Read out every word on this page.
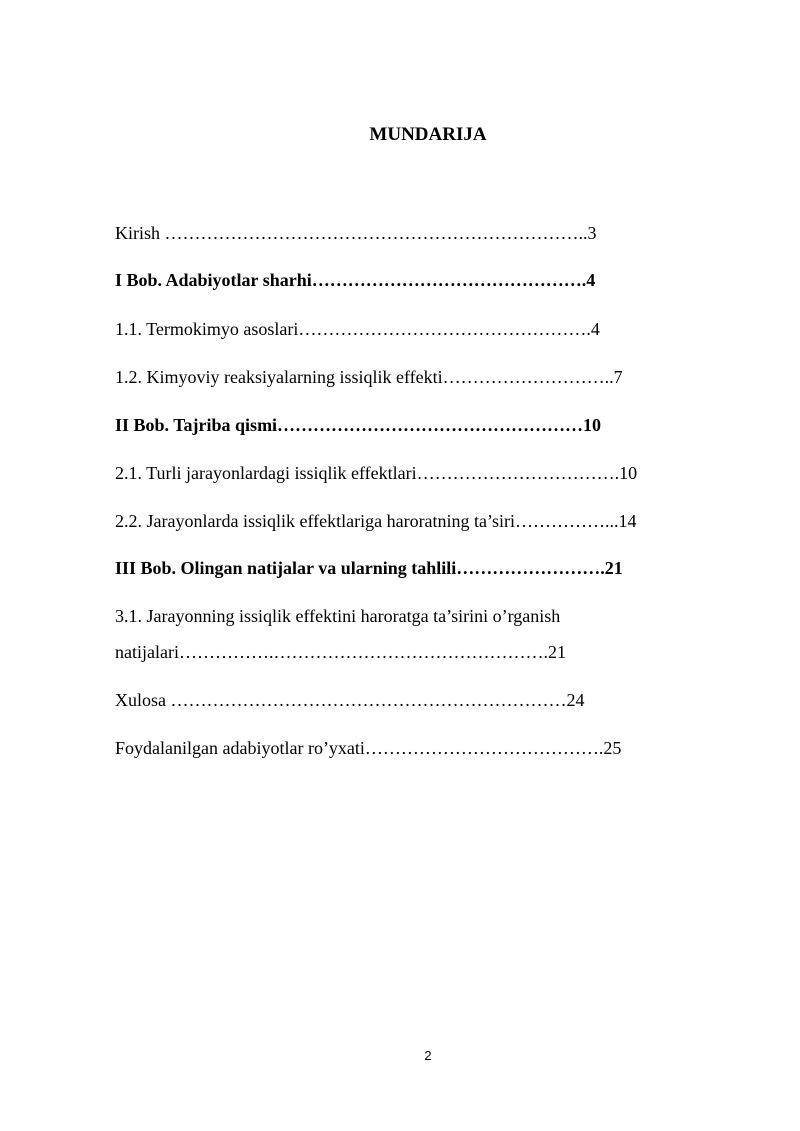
MUNDARIJA
Kirish ……………………………………………………………..3
I Bob. Adabiyotlar sharhi……………………………………….4
1.1. Termokimyo asoslari………………………………………….4
1.2. Kimyoviy reaksiyalarning issiqlik effekti………………………..7
II Bob. Tajriba qismi……………………………………………10
2.1. Turli jarayonlardagi issiqlik effektlari…………………………….10
2.2. Jarayonlarda issiqlik effektlariga haroratning ta’siri……………...14
III Bob. Olingan natijalar va ularning tahlili…………………….21
3.1. Jarayonning issiqlik effektini haroratga ta’sirini o’rganish
natijalari…………….……………………………………….21
Xulosa …………………………………………………………24
Foydalanilgan adabiyotlar ro’yxati………………………………….25
2
